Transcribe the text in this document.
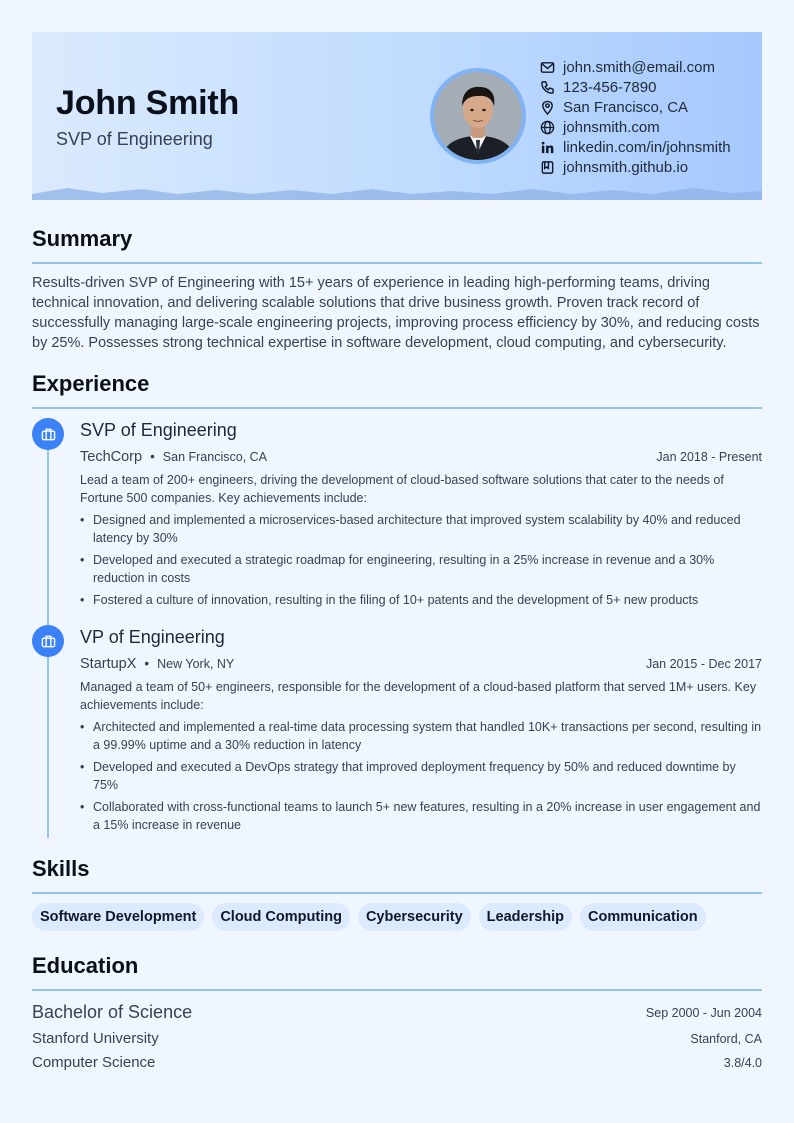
John Smith
SVP of Engineering
john.smith@email.com
123-456-7890
San Francisco, CA
johnsmith.com
linkedin.com/in/johnsmith
johnsmith.github.io
Summary
Results-driven SVP of Engineering with 15+ years of experience in leading high-performing teams, driving technical innovation, and delivering scalable solutions that drive business growth. Proven track record of successfully managing large-scale engineering projects, improving process efficiency by 30%, and reducing costs by 25%. Possesses strong technical expertise in software development, cloud computing, and cybersecurity.
Experience
SVP of Engineering
TechCorp • San Francisco, CA	Jan 2018 - Present
Lead a team of 200+ engineers, driving the development of cloud-based software solutions that cater to the needs of Fortune 500 companies. Key achievements include:
• Designed and implemented a microservices-based architecture that improved system scalability by 40% and reduced latency by 30%
• Developed and executed a strategic roadmap for engineering, resulting in a 25% increase in revenue and a 30% reduction in costs
• Fostered a culture of innovation, resulting in the filing of 10+ patents and the development of 5+ new products
VP of Engineering
StartupX • New York, NY	Jan 2015 - Dec 2017
Managed a team of 50+ engineers, responsible for the development of a cloud-based platform that served 1M+ users. Key achievements include:
• Architected and implemented a real-time data processing system that handled 10K+ transactions per second, resulting in a 99.99% uptime and a 30% reduction in latency
• Developed and executed a DevOps strategy that improved deployment frequency by 50% and reduced downtime by 75%
• Collaborated with cross-functional teams to launch 5+ new features, resulting in a 20% increase in user engagement and a 15% increase in revenue
Skills
Software Development	Cloud Computing	Cybersecurity	Leadership	Communication
Education
Bachelor of Science	Sep 2000 - Jun 2004
Stanford University	Stanford, CA
Computer Science	3.8/4.0
